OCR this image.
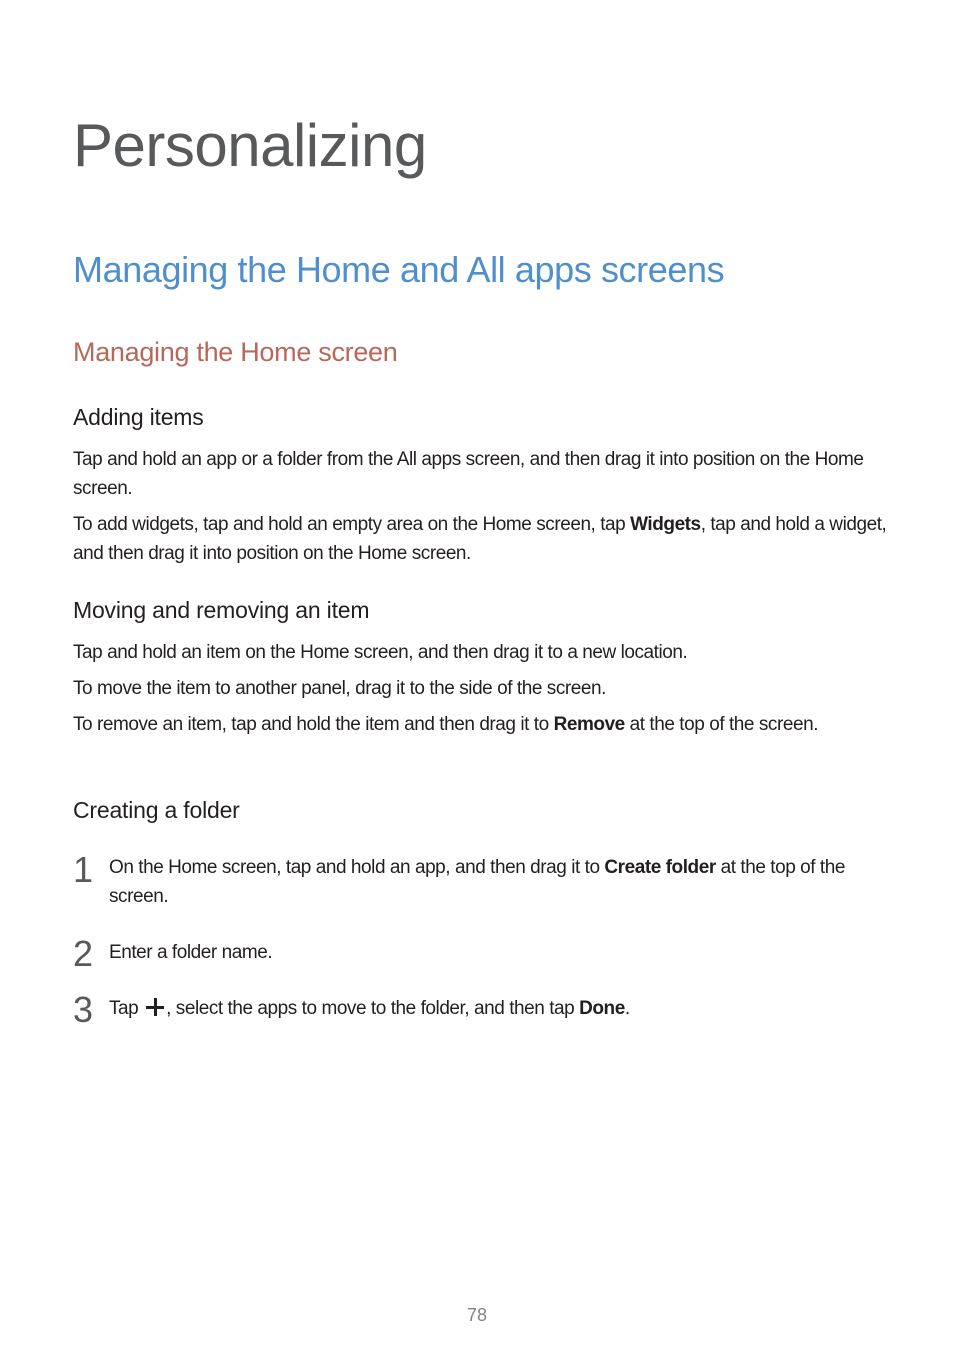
Personalizing
Managing the Home and All apps screens
Managing the Home screen
Adding items

Tap and hold an app or a folder from the All apps screen, and then drag it into position on the Home screen.

To add widgets, tap and hold an empty area on the Home screen, tap Widgets, tap and hold a widget, and then drag it into position on the Home screen.

Moving and removing an item

Tap and hold an item on the Home screen, and then drag it to a new location.

To move the item to another panel, drag it to the side of the screen.

To remove an item, tap and hold the item and then drag it to Remove at the top of the screen.

Creating a folder
1 On the Home screen, tap and hold an app, and then drag it to Create folder at the top of the screen.

2 Enter a folder name.

3 Tap , select the apps to move to the folder, and then tap Done.

78
